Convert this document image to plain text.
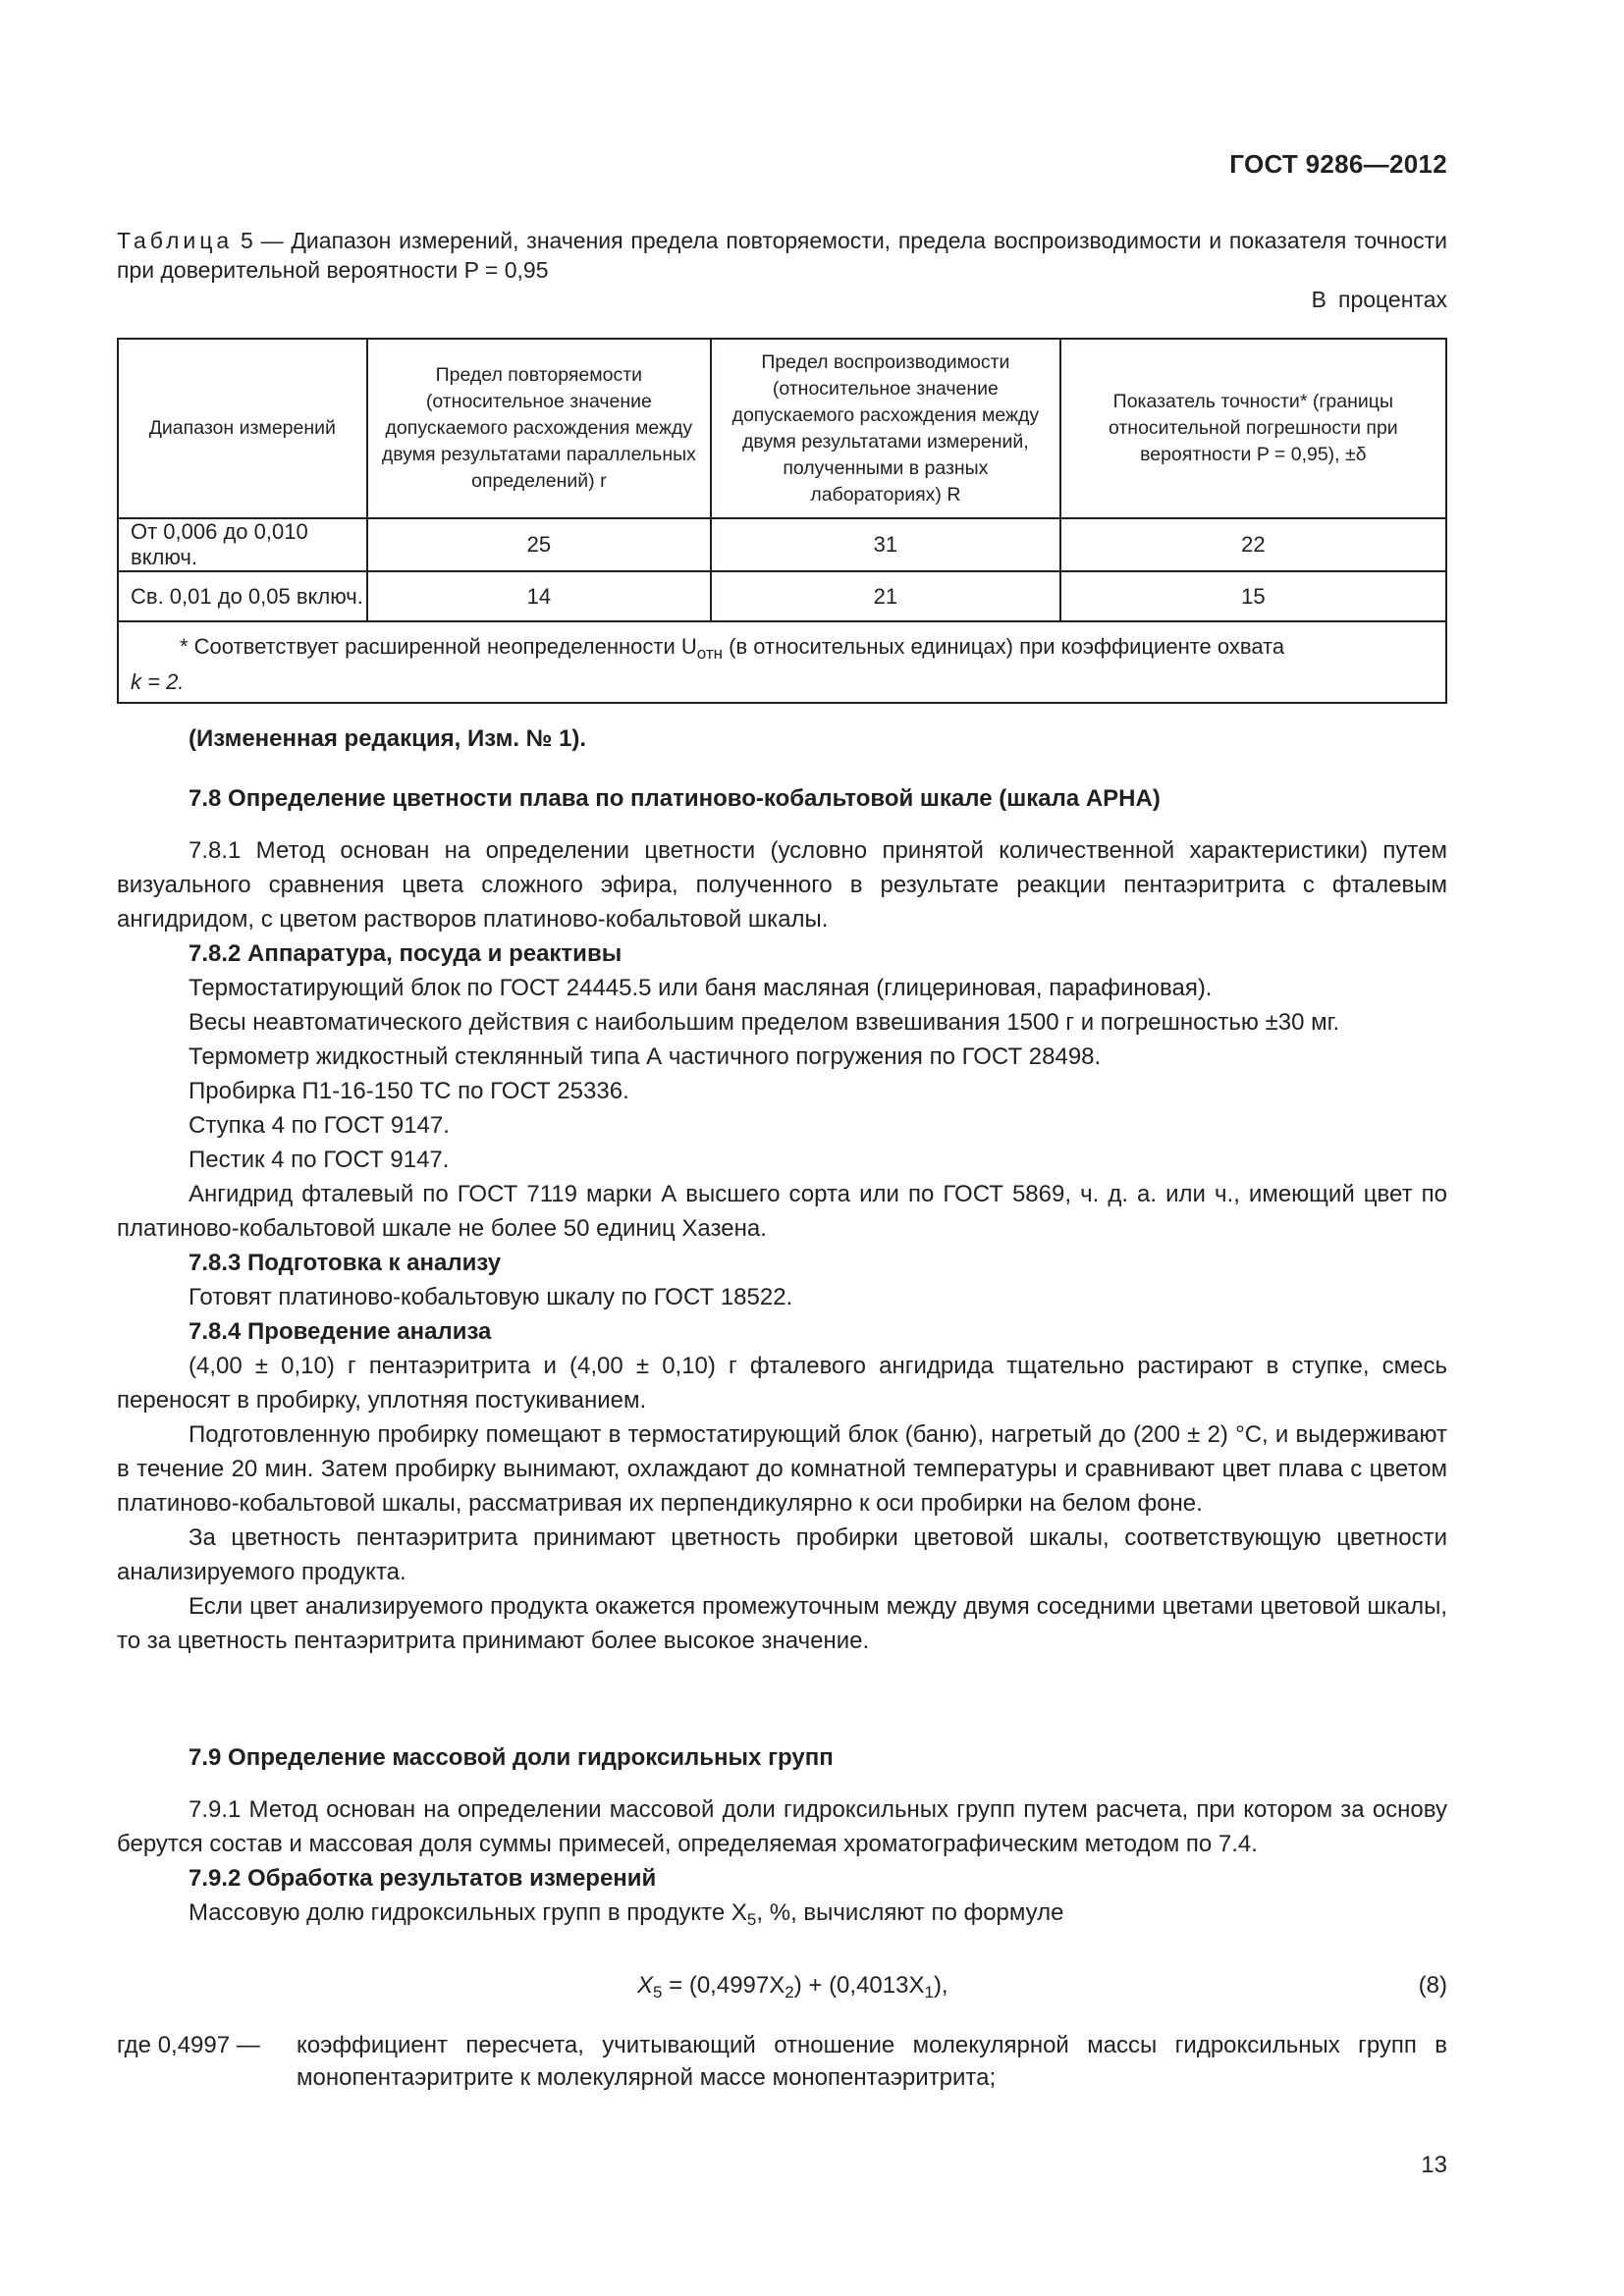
ГОСТ 9286—2012
Таблица 5 — Диапазон измерений, значения предела повторяемости, предела воспроизводимости и показателя точности при доверительной вероятности P = 0,95
В процентах
Диапазон измерений	Предел повторяемости (относительное значение допускаемого расхождения между двумя результатами параллельных определений) r	Предел воспроизводимости (относительное значение допускаемого расхождения между двумя результатами измерений, полученными в разных лабораториях) R	Показатель точности* (границы относительной погрешности при вероятности P = 0,95), ±δ
От 0,006 до 0,010 включ.	25	31	22
Св. 0,01 до 0,05 включ.	14	21	15
* Соответствует расширенной неопределенности $U_{отн}$ (в относительных единицах) при коэффициенте охвата
k = 2.			

(Измененная редакция, Изм. № 1).

7.8 Определение цветности плава по платиново-кобальтовой шкале (шкала APHA)

7.8.1 Метод основан на определении цветности (условно принятой количественной характеристики) путем визуального сравнения цвета сложного эфира, полученного в результате реакции пентаэритрита с фталевым ангидридом, с цветом растворов платиново-кобальтовой шкалы.

7.8.2 Аппаратура, посуда и реактивы

Термостатирующий блок по ГОСТ 24445.5 или баня масляная (глицериновая, парафиновая).

Весы неавтоматического действия с наибольшим пределом взвешивания 1500 г и погрешностью ±30 мг.

Термометр жидкостный стеклянный типа А частичного погружения по ГОСТ 28498.

Пробирка П1-16-150 ТС по ГОСТ 25336.

Ступка 4 по ГОСТ 9147.

Пестик 4 по ГОСТ 9147.

Ангидрид фталевый по ГОСТ 7119 марки А высшего сорта или по ГОСТ 5869, ч. д. а. или ч., имеющий цвет по платиново-кобальтовой шкале не более 50 единиц Хазена.

7.8.3 Подготовка к анализу

Готовят платиново-кобальтовую шкалу по ГОСТ 18522.

7.8.4 Проведение анализа

(4,00 ± 0,10) г пентаэритрита и (4,00 ± 0,10) г фталевого ангидрида тщательно растирают в ступке, смесь переносят в пробирку, уплотняя постукиванием.

Подготовленную пробирку помещают в термостатирующий блок (баню), нагретый до (200 ± 2) °С, и выдерживают в течение 20 мин. Затем пробирку вынимают, охлаждают до комнатной температуры и сравнивают цвет плава с цветом платиново-кобальтовой шкалы, рассматривая их перпендикулярно к оси пробирки на белом фоне.

За цветность пентаэритрита принимают цветность пробирки цветовой шкалы, соответствующую цветности анализируемого продукта.

Если цвет анализируемого продукта окажется промежуточным между двумя соседними цветами цветовой шкалы, то за цветность пентаэритрита принимают более высокое значение.

7.9 Определение массовой доли гидроксильных групп

7.9.1 Метод основан на определении массовой доли гидроксильных групп путем расчета, при котором за основу берутся состав и массовая доля суммы примесей, определяемая хроматографическим методом по 7.4.

7.9.2 Обработка результатов измерений

Массовую долю гидроксильных групп в продукте $X_5$, %, вычисляют по формуле

$X_5 = (0,4997X_2) + (0,4013X_1)$,	(8)
где 0,4997 — коэффициент пересчета, учитывающий отношение молекулярной массы гидроксильных групп в монопентаэритрите к молекулярной массе монопентаэритрита;
13
